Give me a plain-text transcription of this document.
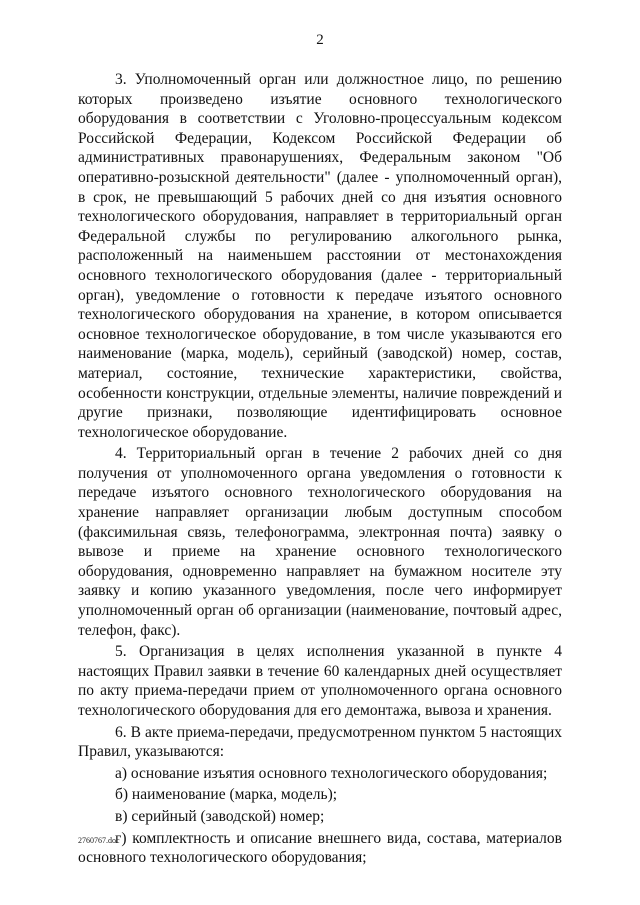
2

3. Уполномоченный орган или должностное лицо, по решению которых произведено изъятие основного технологического оборудования в соответствии с Уголовно-процессуальным кодексом Российской Федерации, Кодексом Российской Федерации об административных правонарушениях, Федеральным законом "Об оперативно-розыскной деятельности" (далее - уполномоченный орган), в срок, не превышающий 5 рабочих дней со дня изъятия основного технологического оборудования, направляет в территориальный орган Федеральной службы по регулированию алкогольного рынка, расположенный на наименьшем расстоянии от местонахождения основного технологического оборудования (далее - территориальный орган), уведомление о готовности к передаче изъятого основного технологического оборудования на хранение, в котором описывается основное технологическое оборудование, в том числе указываются его наименование (марка, модель), серийный (заводской) номер, состав, материал, состояние, технические характеристики, свойства, особенности конструкции, отдельные элементы, наличие повреждений и другие признаки, позволяющие идентифицировать основное технологическое оборудование.

4. Территориальный орган в течение 2 рабочих дней со дня получения от уполномоченного органа уведомления о готовности к передаче изъятого основного технологического оборудования на хранение направляет организации любым доступным способом (факсимильная связь, телефонограмма, электронная почта) заявку о вывозе и приеме на хранение основного технологического оборудования, одновременно направляет на бумажном носителе эту заявку и копию указанного уведомления, после чего информирует уполномоченный орган об организации (наименование, почтовый адрес, телефон, факс).

5. Организация в целях исполнения указанной в пункте 4 настоящих Правил заявки в течение 60 календарных дней осуществляет по акту приема-передачи прием от уполномоченного органа основного технологического оборудования для его демонтажа, вывоза и хранения.

6. В акте приема-передачи, предусмотренном пунктом 5 настоящих Правил, указываются:

а) основание изъятия основного технологического оборудования;

б) наименование (марка, модель);

в) серийный (заводской) номер;

г) комплектность и описание внешнего вида, состава, материалов основного технологического оборудования;

2760767.doc
